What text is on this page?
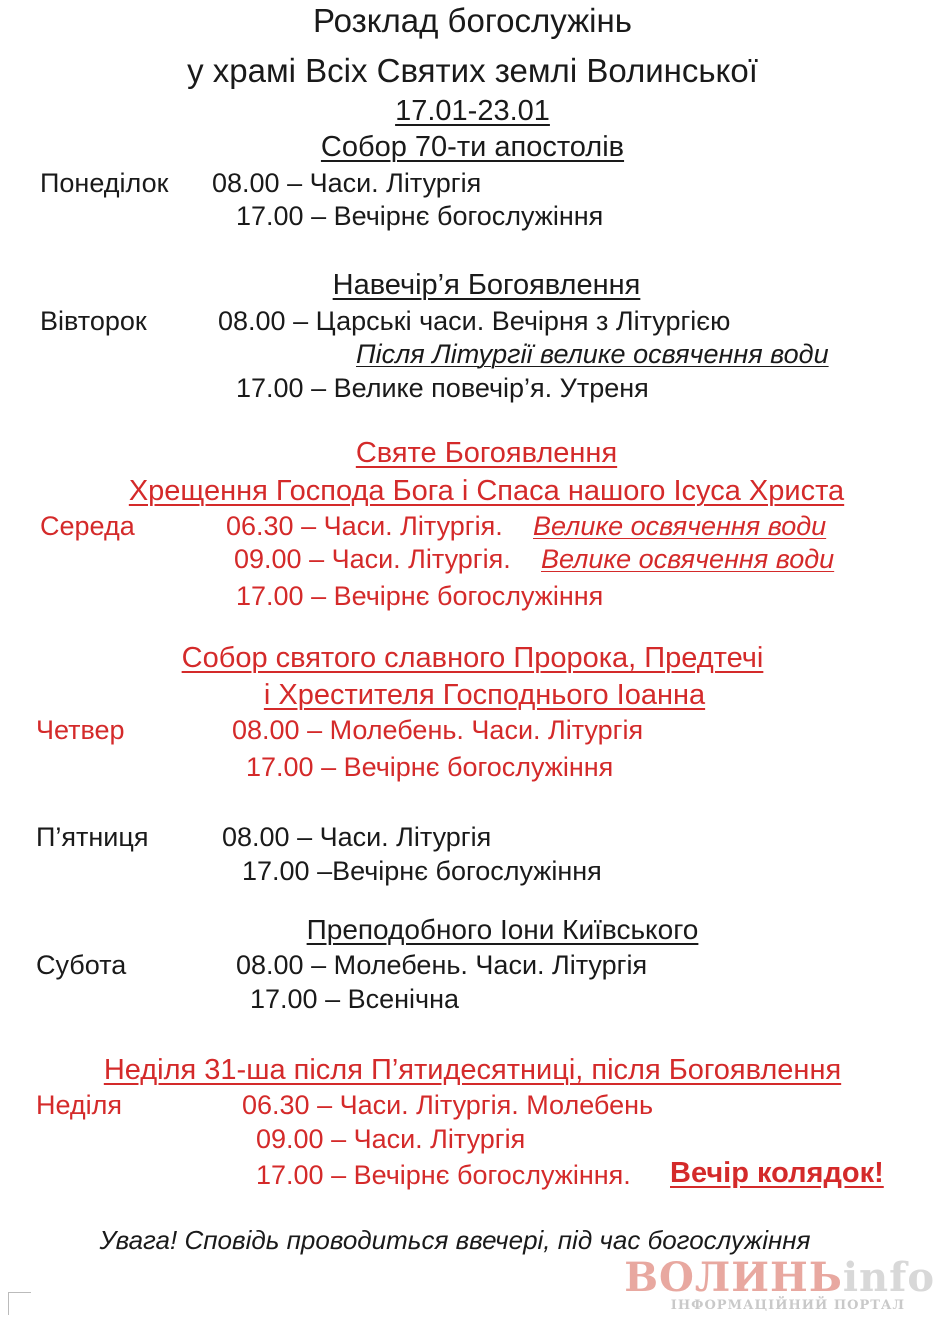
Розклад богослужінь
у храмі Всіх Святих землі Волинської
17.01-23.01
Собор 70-ти апостолів
Понеділок 08.00 – Часи. Літургія
17.00 – Вечірнє богослужіння
Навечір’я Богоявлення
Вівторок	08.00 – Царські часи. Вечірня з Літургією
Після Літургії велике освячення води
17.00 – Велике повечір’я. Утреня
Святе Богоявлення
Хрещення Господа Бога і Спаса нашого Ісуса Христа
Середа	06.30 – Часи. Літургія. Велике освячення води
09.00 – Часи. Літургія. Велике освячення води
17.00 – Вечірнє богослужіння
Собор святого славного Пророка, Предтечі
і Хрестителя Господнього Іоанна
Четвер	08.00 – Молебень. Часи. Літургія
17.00 – Вечірнє богослужіння
П’ятниця	08.00 – Часи. Літургія
17.00 –Вечірнє богослужіння
Преподобного Іони Київського
Субота	08.00 – Молебень. Часи. Літургія
17.00 – Всенічна
Неділя 31-ша після П’ятидесятниці, після Богоявлення
Неділя	06.30 – Часи. Літургія. Молебень
09.00 – Часи. Літургія
17.00 – Вечірнє богослужіння. Вечір колядок!
Увага! Сповідь проводиться ввечері, під час богослужіння
ВОЛИНЬinfo
ІНФОРМАЦІЙНИЙ ПОРТАЛ
